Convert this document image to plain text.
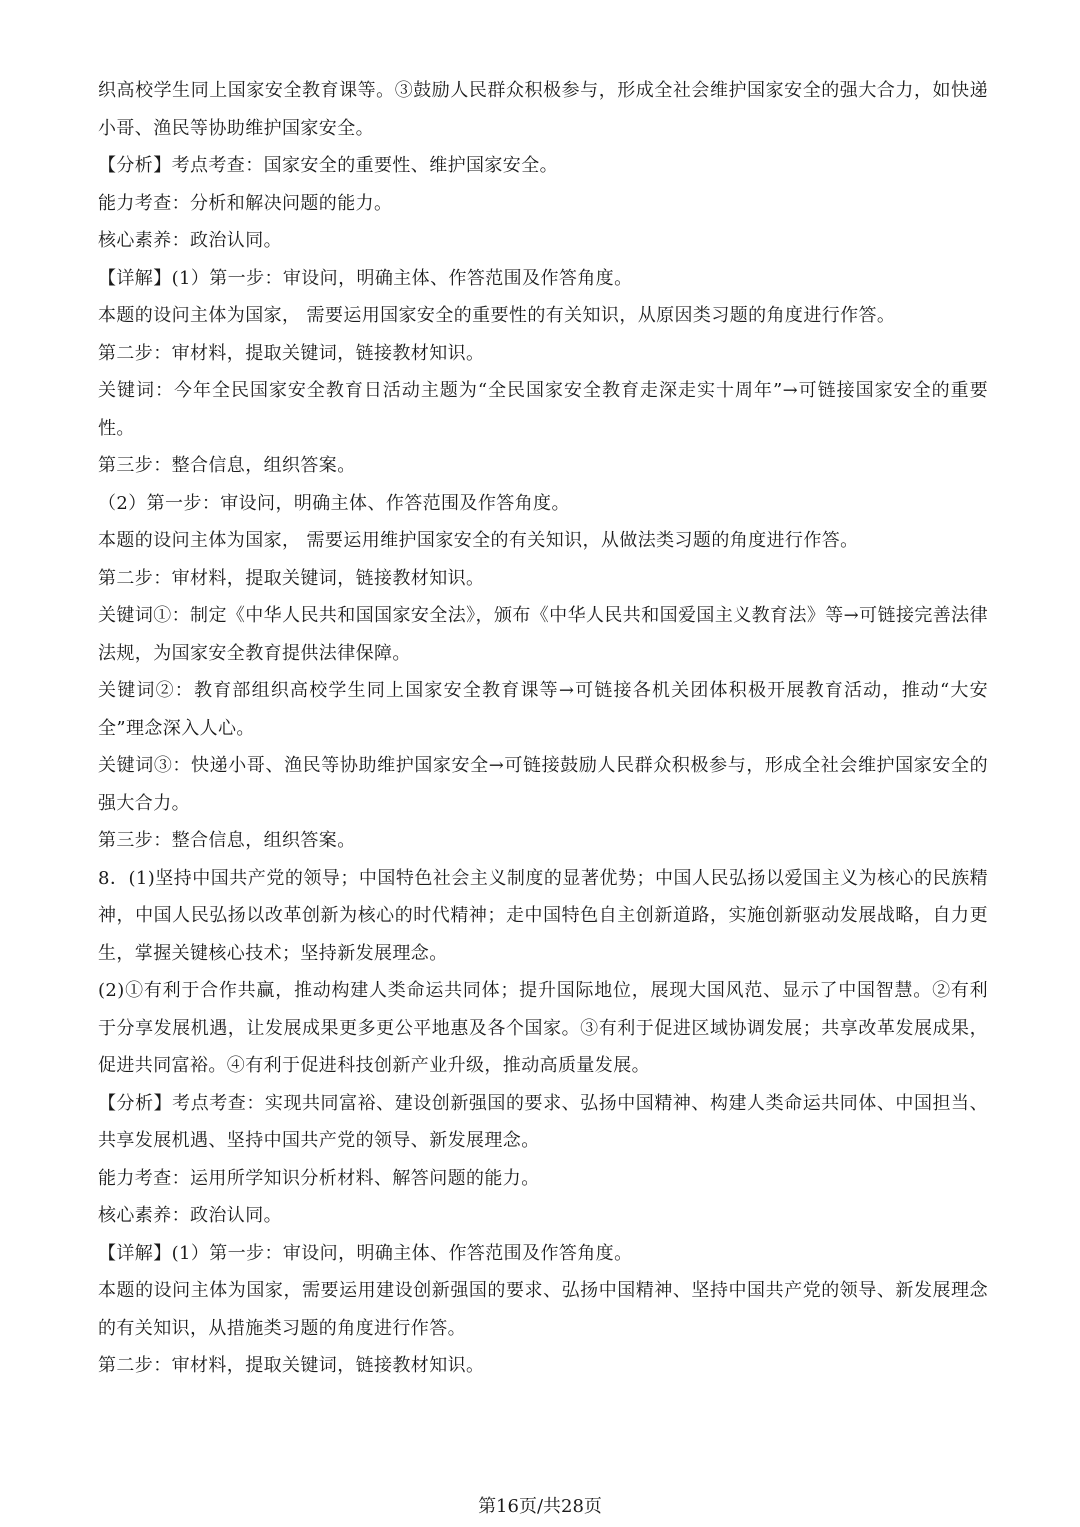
织高校学生同上国家安全教育课等。③鼓励人民群众积极参与，形成全社会维护国家安全的强大合力，如快递小哥、渔民等协助维护国家安全。

【分析】考点考查：国家安全的重要性、维护国家安全。

能力考查：分析和解决问题的能力。

核心素养：政治认同。

【详解】(1）第一步：审设问，明确主体、作答范围及作答角度。

本题的设问主体为国家， 需要运用国家安全的重要性的有关知识，从原因类习题的角度进行作答。

第二步：审材料，提取关键词，链接教材知识。

关键词：今年全民国家安全教育日活动主题为“全民国家安全教育走深走实十周年”→可链接国家安全的重要性。

第三步：整合信息，组织答案。

（2）第一步：审设问，明确主体、作答范围及作答角度。

本题的设问主体为国家， 需要运用维护国家安全的有关知识，从做法类习题的角度进行作答。

第二步：审材料，提取关键词，链接教材知识。

关键词①：制定《中华人民共和国国家安全法》，颁布《中华人民共和国爱国主义教育法》等→可链接完善法律法规，为国家安全教育提供法律保障。

关键词②：教育部组织高校学生同上国家安全教育课等→可链接各机关团体积极开展教育活动，推动“大安全”理念深入人心。

关键词③：快递小哥、渔民等协助维护国家安全→可链接鼓励人民群众积极参与，形成全社会维护国家安全的强大合力。

第三步：整合信息，组织答案。

8．(1)坚持中国共产党的领导；中国特色社会主义制度的显著优势；中国人民弘扬以爱国主义为核心的民族精神，中国人民弘扬以改革创新为核心的时代精神；走中国特色自主创新道路，实施创新驱动发展战略，自力更生，掌握关键核心技术；坚持新发展理念。

(2)①有利于合作共赢，推动构建人类命运共同体；提升国际地位，展现大国风范、显示了中国智慧。②有利于分享发展机遇，让发展成果更多更公平地惠及各个国家。③有利于促进区域协调发展；共享改革发展成果，促进共同富裕。④有利于促进科技创新产业升级，推动高质量发展。

【分析】考点考查：实现共同富裕、建设创新强国的要求、弘扬中国精神、构建人类命运共同体、中国担当、共享发展机遇、坚持中国共产党的领导、新发展理念。

能力考查：运用所学知识分析材料、解答问题的能力。

核心素养：政治认同。

【详解】(1）第一步：审设问，明确主体、作答范围及作答角度。

本题的设问主体为国家，需要运用建设创新强国的要求、弘扬中国精神、坚持中国共产党的领导、新发展理念的有关知识，从措施类习题的角度进行作答。

第二步：审材料，提取关键词，链接教材知识。

第16页/共28页
